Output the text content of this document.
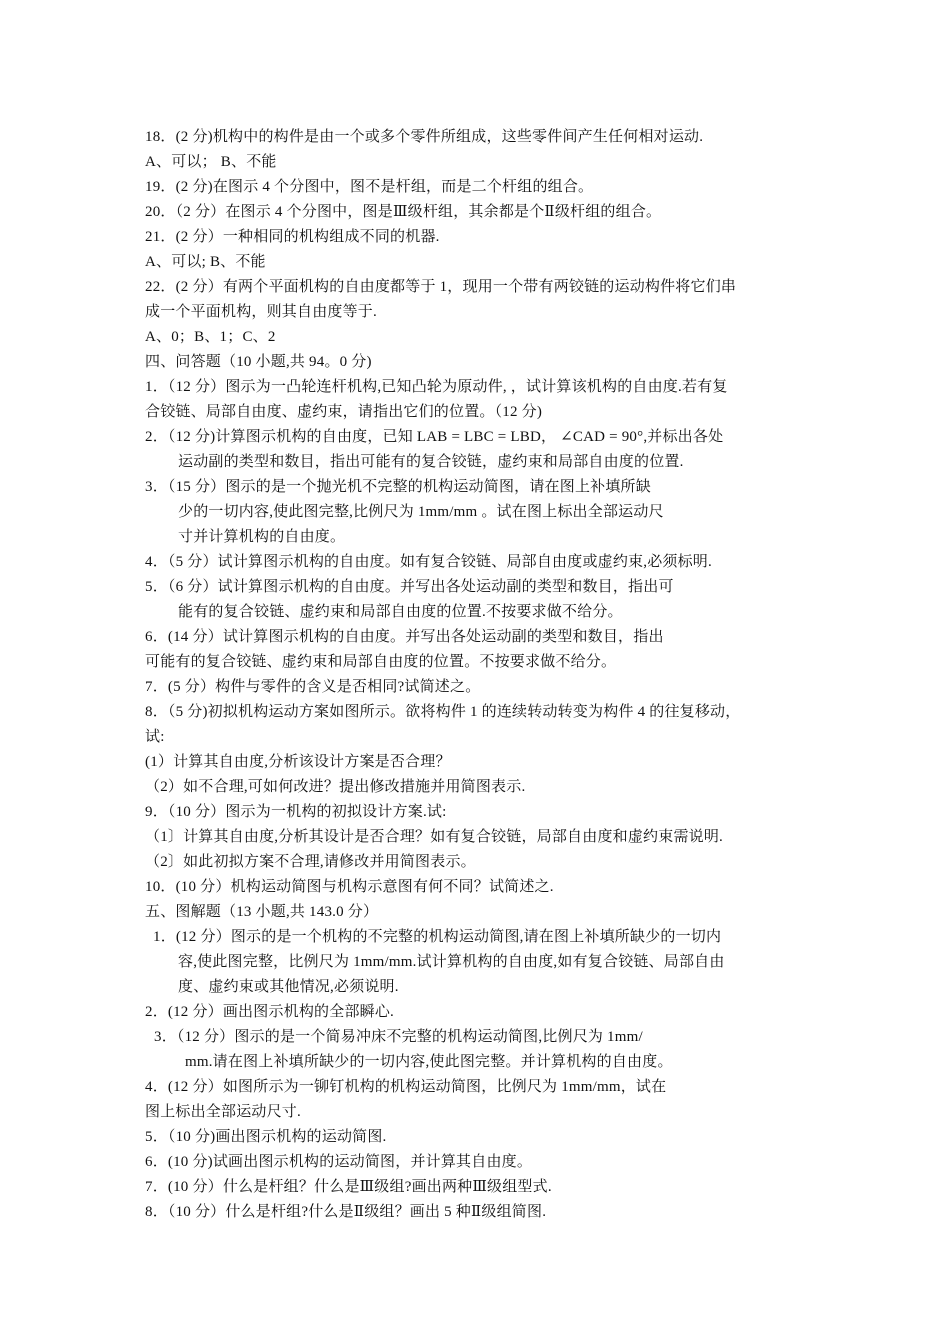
18．(2 分)机构中的构件是由一个或多个零件所组成，这些零件间产生任何相对运动.
A、可以； B、不能
19．(2 分)在图示 4 个分图中，图不是杆组，而是二个杆组的组合。
20．（2 分）在图示 4 个分图中，图是Ⅲ级杆组，其余都是个Ⅱ级杆组的组合。
21．(2 分）一种相同的机构组成不同的机器.
A、可以; B、不能
22．(2 分）有两个平面机构的自由度都等于 1，现用一个带有两铰链的运动构件将它们串
成一个平面机构，则其自由度等于.
A、0；B、1；C、2
四、问答题（10 小题,共 94。0 分)
1．（12 分）图示为一凸轮连杆机构,已知凸轮为原动件, ，试计算该机构的自由度.若有复
合铰链、局部自由度、虚约束，请指出它们的位置。（12 分)
2．（12 分)计算图示机构的自由度，已知 LAB = LBC = LBD， ∠CAD = 90°,并标出各处
运动副的类型和数目，指出可能有的复合铰链，虚约束和局部自由度的位置.
3．（15 分）图示的是一个抛光机不完整的机构运动简图，请在图上补填所缺
少的一切内容,使此图完整,比例尺为 1mm/mm 。试在图上标出全部运动尺
寸并计算机构的自由度。
4．（5 分）试计算图示机构的自由度。如有复合铰链、局部自由度或虚约束,必须标明.
5．（6 分）试计算图示机构的自由度。并写出各处运动副的类型和数目，指出可
能有的复合铰链、虚约束和局部自由度的位置.不按要求做不给分。
6．(14 分）试计算图示机构的自由度。并写出各处运动副的类型和数目，指出
可能有的复合铰链、虚约束和局部自由度的位置。不按要求做不给分。
7．(5 分）构件与零件的含义是否相同?试简述之。
8．（5 分)初拟机构运动方案如图所示。欲将构件 1 的连续转动转变为构件 4 的往复移动，
试:
(1）计算其自由度,分析该设计方案是否合理？
（2）如不合理,可如何改进？提出修改措施并用简图表示.
9．（10 分）图示为一机构的初拟设计方案.试:
（1〕计算其自由度,分析其设计是否合理？如有复合铰链，局部自由度和虚约束需说明.
（2〕如此初拟方案不合理,请修改并用简图表示。
10．(10 分）机构运动简图与机构示意图有何不同？试简述之.
五、图解题（13 小题,共 143.0 分）
1．(12 分）图示的是一个机构的不完整的机构运动简图,请在图上补填所缺少的一切内
容,使此图完整，比例尺为 1mm/mm.试计算机构的自由度,如有复合铰链、局部自由
度、虚约束或其他情况,必须说明.
2．(12 分）画出图示机构的全部瞬心.
3．（12 分）图示的是一个简易冲床不完整的机构运动简图,比例尺为 1mm/
mm.请在图上补填所缺少的一切内容,使此图完整。并计算机构的自由度。
4．(12 分）如图所示为一铆钉机构的机构运动简图，比例尺为 1mm/mm，试在
图上标出全部运动尺寸.
5．（10 分)画出图示机构的运动简图.
6．(10 分)试画出图示机构的运动简图，并计算其自由度。
7．(10 分）什么是杆组？什么是Ⅲ级组?画出两种Ⅲ级组型式.
8．（10 分）什么是杆组?什么是Ⅱ级组？画出 5 种Ⅱ级组简图.
